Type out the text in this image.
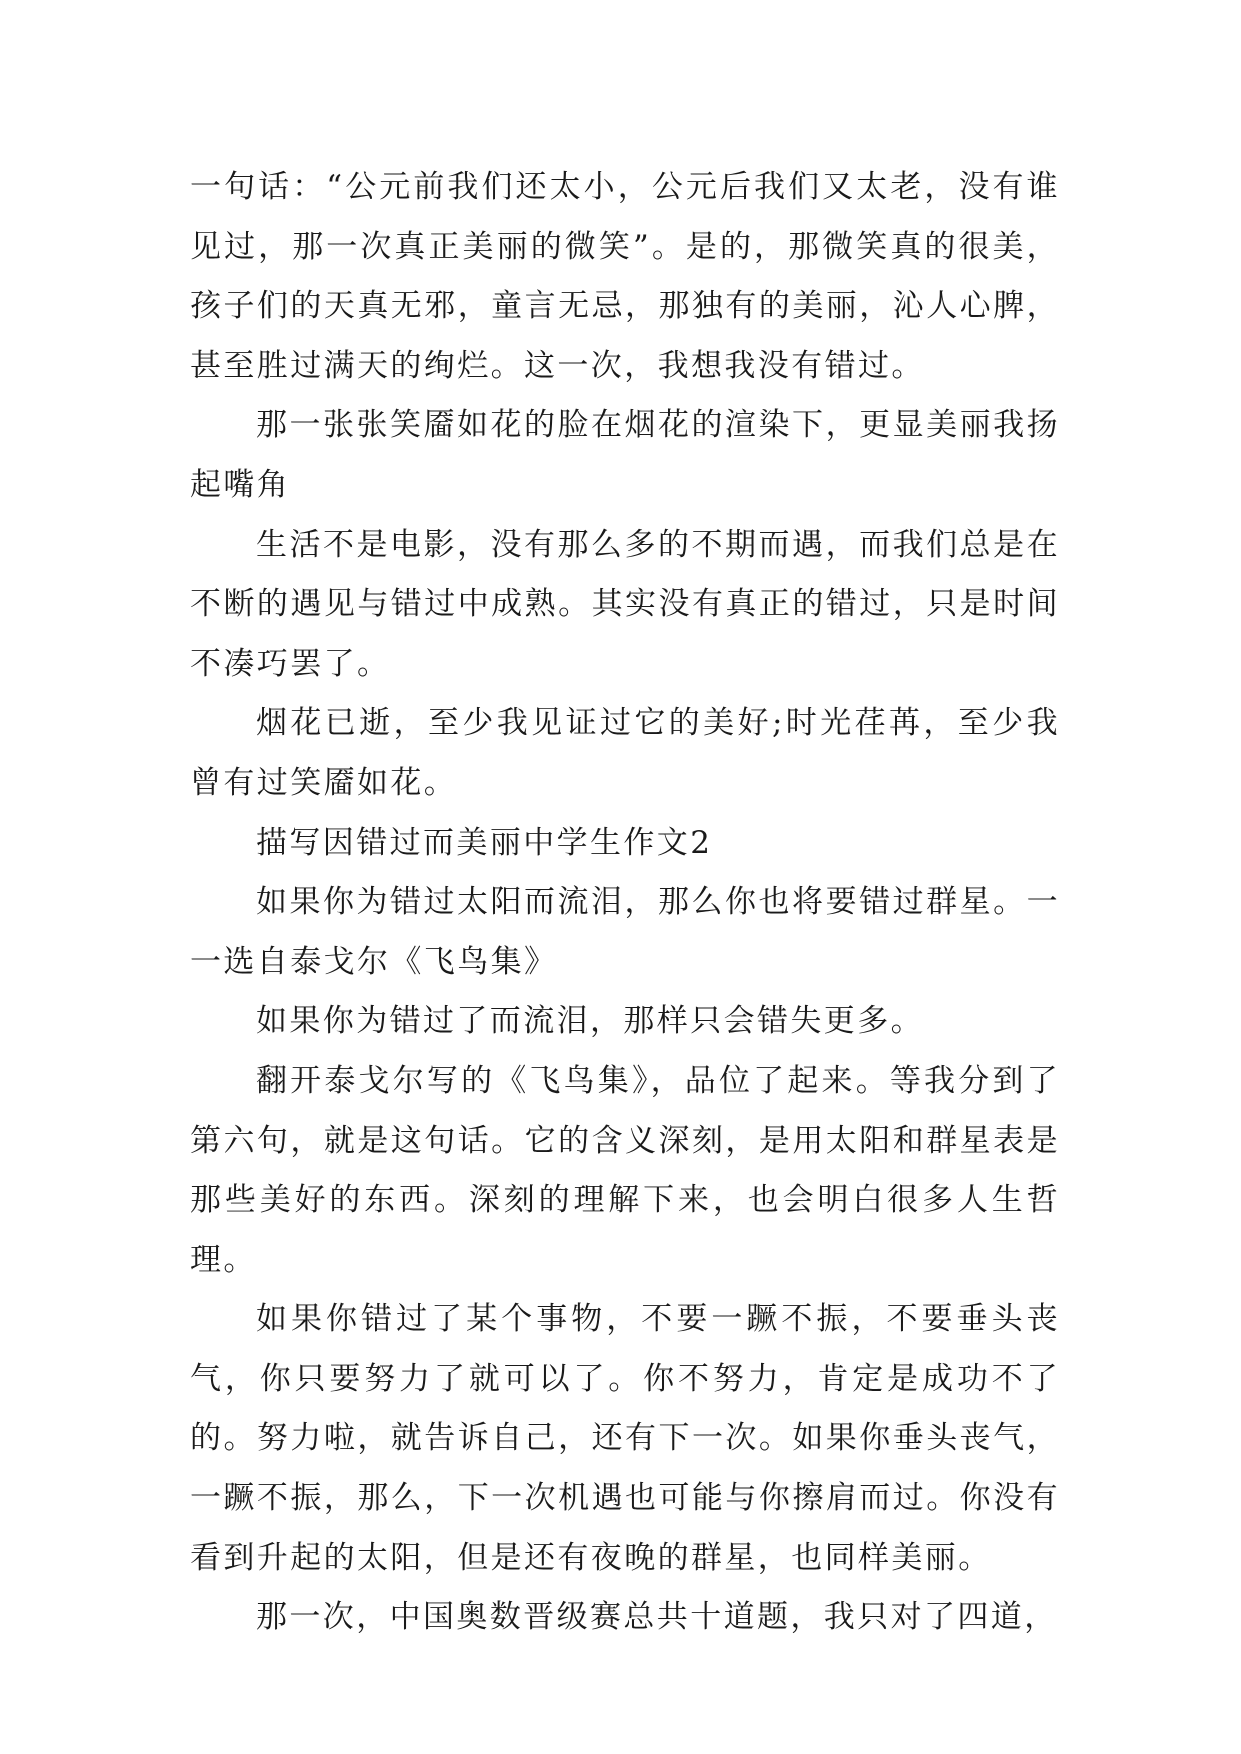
一句话：“公元前我们还太小，公元后我们又太老，没有谁见过，那一次真正美丽的微笑”。是的，那微笑真的很美，孩子们的天真无邪，童言无忌，那独有的美丽，沁人心脾，甚至胜过满天的绚烂。这一次，我想我没有错过。

那一张张笑靥如花的脸在烟花的渲染下，更显美丽我扬起嘴角

生活不是电影，没有那么多的不期而遇，而我们总是在不断的遇见与错过中成熟。其实没有真正的错过，只是时间不凑巧罢了。

烟花已逝，至少我见证过它的美好;时光荏苒，至少我曾有过笑靥如花。

描写因错过而美丽中学生作文2

如果你为错过太阳而流泪，那么你也将要错过群星。一一选自泰戈尔《飞鸟集》

如果你为错过了而流泪，那样只会错失更多。

翻开泰戈尔写的《飞鸟集》，品位了起来。等我分到了第六句，就是这句话。它的含义深刻，是用太阳和群星表是那些美好的东西。深刻的理解下来，也会明白很多人生哲理。

如果你错过了某个事物，不要一蹶不振，不要垂头丧气，你只要努力了就可以了。你不努力，肯定是成功不了的。努力啦，就告诉自己，还有下一次。如果你垂头丧气，一蹶不振，那么，下一次机遇也可能与你擦肩而过。你没有看到升起的太阳，但是还有夜晚的群星，也同样美丽。

那一次，中国奥数晋级赛总共十道题，我只对了四道，
